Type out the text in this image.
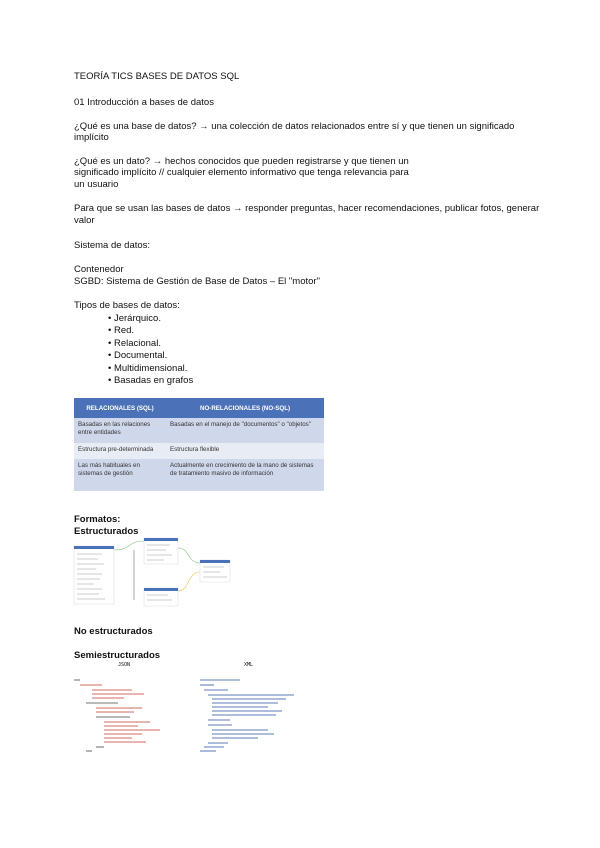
TEORÍA TICS BASES DE DATOS SQL
01 Introducción a bases de datos
¿Qué es una base de datos? → una colección de datos relacionados entre sí y que tienen un significado
implícito
¿Qué es un dato? → hechos conocidos que pueden registrarse y que tienen un
significado implícito // cualquier elemento informativo que tenga relevancia para
un usuario
Para que se usan las bases de datos → responder preguntas, hacer recomendaciones, publicar fotos, generar
valor
Sistema de datos:
Contenedor
SGBD: Sistema de Gestión de Base de Datos – El "motor"
Tipos de bases de datos:
• Jerárquico.
• Red.
• Relacional.
• Documental.
• Multidimensional.
• Basadas en grafos
RELACIONALES (SQL)	NO-RELACIONALES (NO-SQL)
Basadas en las relaciones entre entidades	Basadas en el manejo de "documentos" o "objetos"
Estructura pre-determinada	Estructura flexible
Las más habituales en sistemas de gestión	Actualmente en crecimiento de la mano de sistemas de tratamiento masivo de información
Formatos:
Estructurados
No estructurados
Semiestructurados
JSON	XML
